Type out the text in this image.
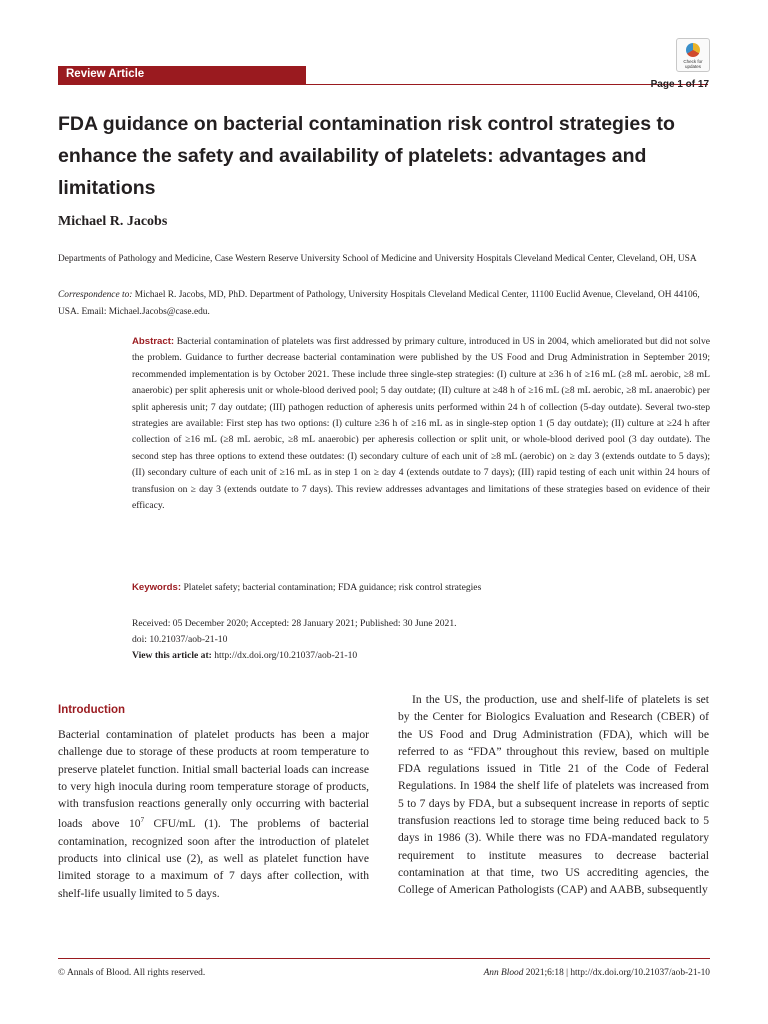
Review Article
Check for updates
Page 1 of 17
FDA guidance on bacterial contamination risk control strategies to enhance the safety and availability of platelets: advantages and limitations
Michael R. Jacobs
Departments of Pathology and Medicine, Case Western Reserve University School of Medicine and University Hospitals Cleveland Medical Center, Cleveland, OH, USA
Correspondence to: Michael R. Jacobs, MD, PhD. Department of Pathology, University Hospitals Cleveland Medical Center, 11100 Euclid Avenue, Cleveland, OH 44106, USA. Email: Michael.Jacobs@case.edu.
Abstract: Bacterial contamination of platelets was first addressed by primary culture, introduced in US in 2004, which ameliorated but did not solve the problem. Guidance to further decrease bacterial contamination were published by the US Food and Drug Administration in September 2019; recommended implementation is by October 2021. These include three single-step strategies: (I) culture at ≥36 h of ≥16 mL (≥8 mL aerobic, ≥8 mL anaerobic) per split apheresis unit or whole-blood derived pool; 5 day outdate; (II) culture at ≥48 h of ≥16 mL (≥8 mL aerobic, ≥8 mL anaerobic) per split apheresis unit; 7 day outdate; (III) pathogen reduction of apheresis units performed within 24 h of collection (5-day outdate). Several two-step strategies are available: First step has two options: (I) culture ≥36 h of ≥16 mL as in single-step option 1 (5 day outdate); (II) culture at ≥24 h after collection of ≥16 mL (≥8 mL aerobic, ≥8 mL anaerobic) per apheresis collection or split unit, or whole-blood derived pool (3 day outdate). The second step has three options to extend these outdates: (I) secondary culture of each unit of ≥8 mL (aerobic) on ≥ day 3 (extends outdate to 5 days); (II) secondary culture of each unit of ≥16 mL as in step 1 on ≥ day 4 (extends outdate to 7 days); (III) rapid testing of each unit within 24 hours of transfusion on ≥ day 3 (extends outdate to 7 days). This review addresses advantages and limitations of these strategies based on evidence of their efficacy.
Keywords: Platelet safety; bacterial contamination; FDA guidance; risk control strategies
Received: 05 December 2020; Accepted: 28 January 2021; Published: 30 June 2021.
doi: 10.21037/aob-21-10
View this article at: http://dx.doi.org/10.21037/aob-21-10
Introduction
Bacterial contamination of platelet products has been a major challenge due to storage of these products at room temperature to preserve platelet function. Initial small bacterial loads can increase to very high inocula during room temperature storage of products, with transfusion reactions generally only occurring with bacterial loads above $10^7$ CFU/mL (1). The problems of bacterial contamination, recognized soon after the introduction of platelet products into clinical use (2), as well as platelet function have limited storage to a maximum of 7 days after collection, with shelf-life usually limited to 5 days.
In the US, the production, use and shelf-life of platelets is set by the Center for Biologics Evaluation and Research (CBER) of the US Food and Drug Administration (FDA), which will be referred to as “FDA” throughout this review, based on multiple FDA regulations issued in Title 21 of the Code of Federal Regulations. In 1984 the shelf life of platelets was increased from 5 to 7 days by FDA, but a subsequent increase in reports of septic transfusion reactions led to storage time being reduced back to 5 days in 1986 (3). While there was no FDA-mandated regulatory requirement to institute measures to decrease bacterial contamination at that time, two US accrediting agencies, the College of American Pathologists (CAP) and AABB, subsequently
© Annals of Blood. All rights reserved.	Ann Blood 2021;6:18 | http://dx.doi.org/10.21037/aob-21-10
